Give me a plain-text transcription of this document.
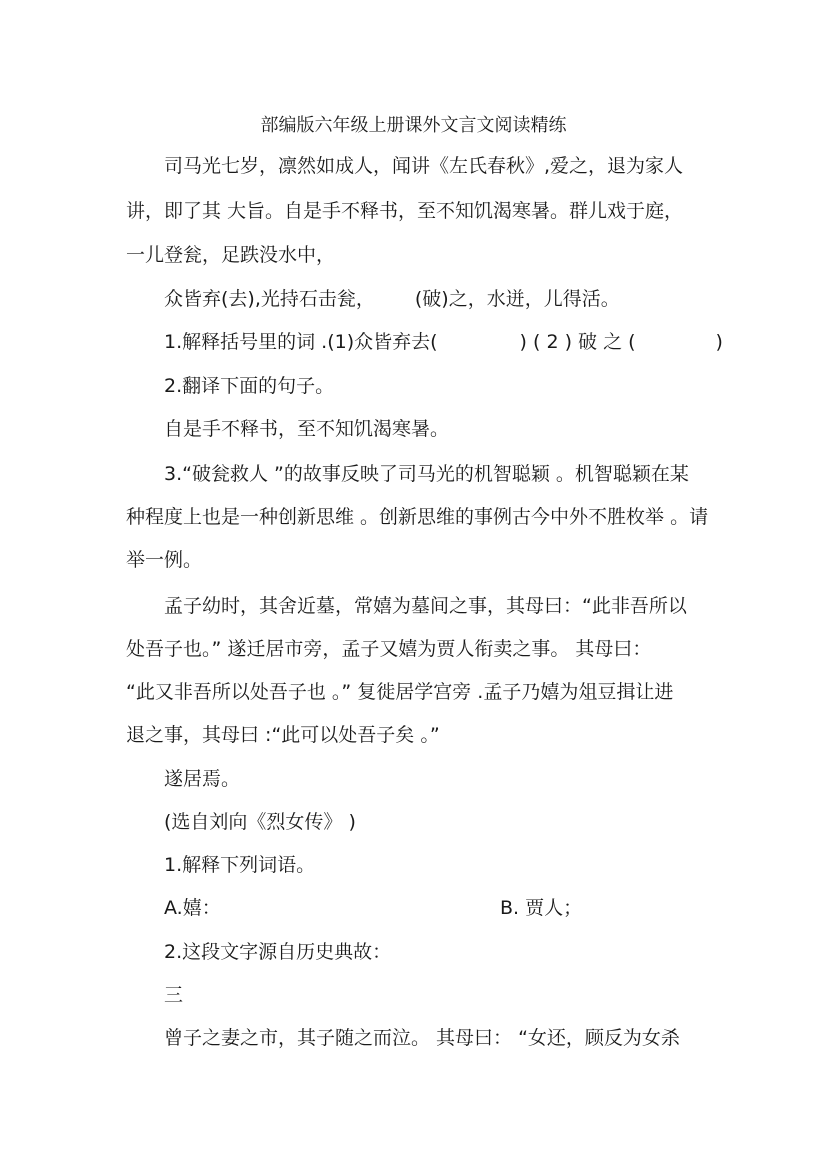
部编版六年级上册课外文言文阅读精练
司马光七岁，凛然如成人，闻讲《左氏春秋》,爱之，退为家人
讲，即了其 大旨。自是手不释书，至不知饥渴寒暑。群儿戏于庭，
一儿登瓮，足跌没水中，
众皆弃(去),光持石击瓮， (破)之，水迸，儿得活。
1.解释括号里的词 .(1)众皆弃去(	) ( 2 ) 破 之 (	)
2.翻译下面的句子。
自是手不释书，至不知饥渴寒暑。
3.“破瓮救人 ”的故事反映了司马光的机智聪颖 。机智聪颖在某
种程度上也是一种创新思维 。创新思维的事例古今中外不胜枚举 。请
举一例。
孟子幼时，其舍近墓，常嬉为墓间之事，其母曰：“此非吾所以
处吾子也。” 遂迁居市旁，孟子又嬉为贾人衔卖之事。 其母曰：
“此又非吾所以处吾子也 。” 复徙居学宫旁 .孟子乃嬉为俎豆揖让进
退之事，其母曰 :“此可以处吾子矣 。”
遂居焉。
(选自刘向《烈女传》 )
1.解释下列词语。
A.嬉：	B. 贾人；
2.这段文字源自历史典故：
三
曾子之妻之市，其子随之而泣。 其母曰： “女还，顾反为女杀
